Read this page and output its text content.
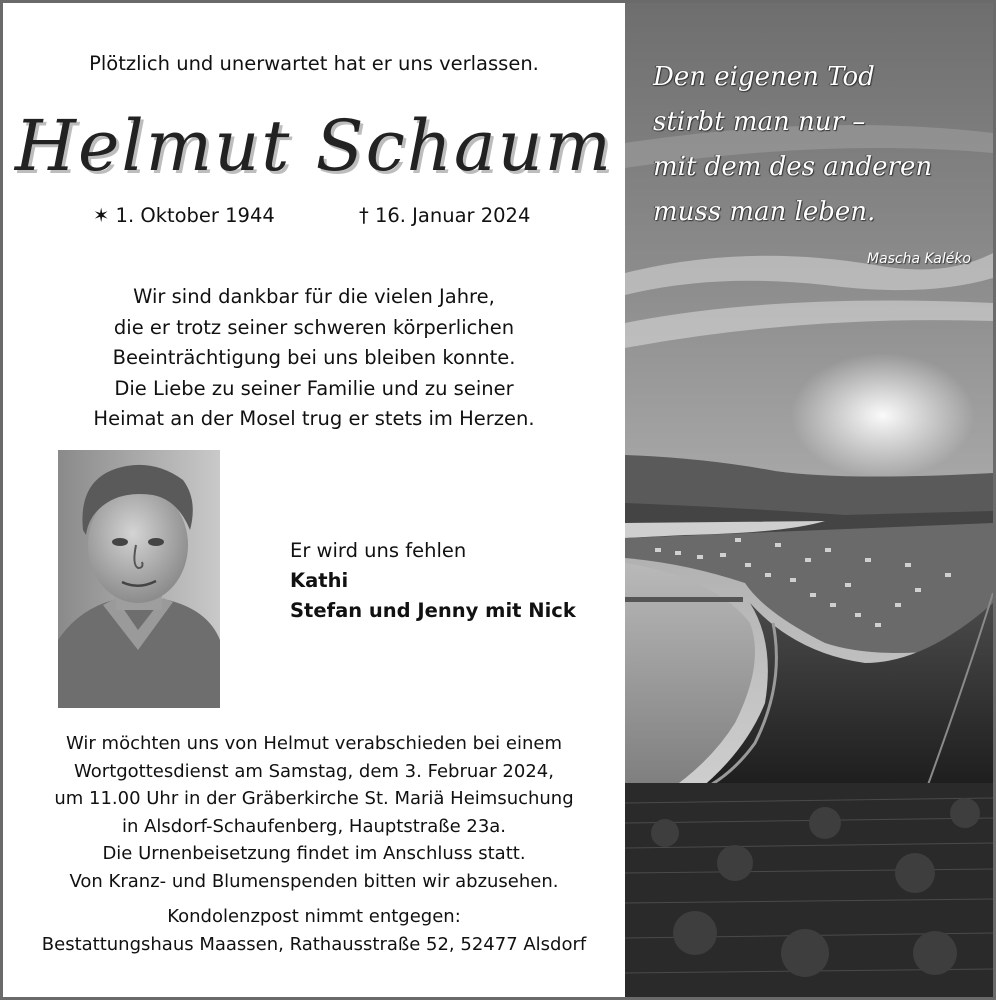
Plötzlich und unerwartet hat er uns verlassen.
Helmut Schaum
✶ 1. Oktober 1944	† 16. Januar 2024
Wir sind dankbar für die vielen Jahre,
die er trotz seiner schweren körperlichen
Beeinträchtigung bei uns bleiben konnte.
Die Liebe zu seiner Familie und zu seiner
Heimat an der Mosel trug er stets im Herzen.
Er wird uns fehlen
Kathi
Stefan und Jenny mit Nick
Wir möchten uns von Helmut verabschieden bei einem
Wortgottesdienst am Samstag, dem 3. Februar 2024,
um 11.00 Uhr in der Gräberkirche St. Mariä Heimsuchung
in Alsdorf-Schaufenberg, Hauptstraße 23a.
Die Urnenbeisetzung findet im Anschluss statt.
Von Kranz- und Blumenspenden bitten wir abzusehen.
Kondolenzpost nimmt entgegen:
Bestattungshaus Maassen, Rathausstraße 52, 52477 Alsdorf
Den eigenen Tod
stirbt man nur –
mit dem des anderen
muss man leben.
Mascha Kaléko
